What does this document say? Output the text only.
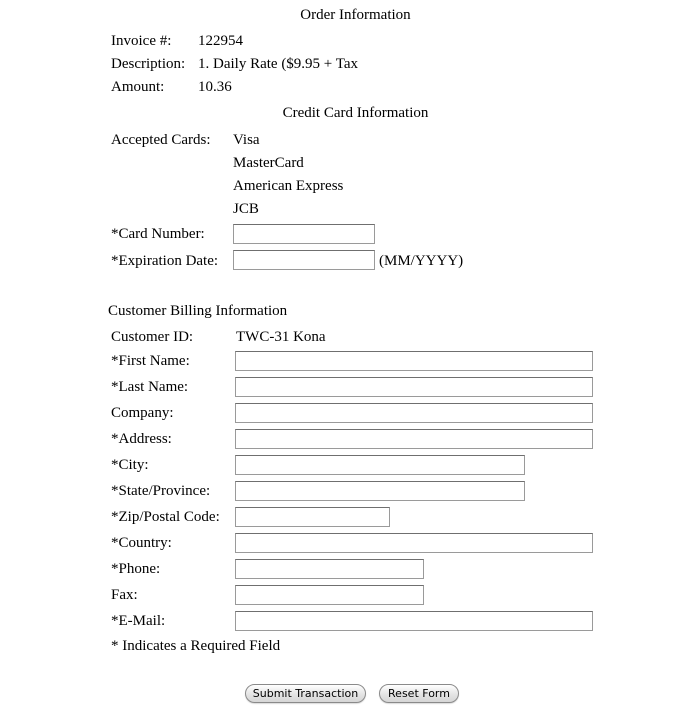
Order Information
Invoice #: 122954
Description: 1. Daily Rate ($9.95 + Tax
Amount: 10.36
Credit Card Information
Accepted Cards: Visa
MasterCard
American Express
JCB
*Card Number:
*Expiration Date:	(MM/YYYY)
Customer Billing Information
Customer ID:	TWC-31 Kona
*First Name:
*Last Name:
Company:
*Address:
*City:
*State/Province:
*Zip/Postal Code:
*Country:
*Phone:
Fax:
*E-Mail:
* Indicates a Required Field
Submit Transaction	Reset Form
